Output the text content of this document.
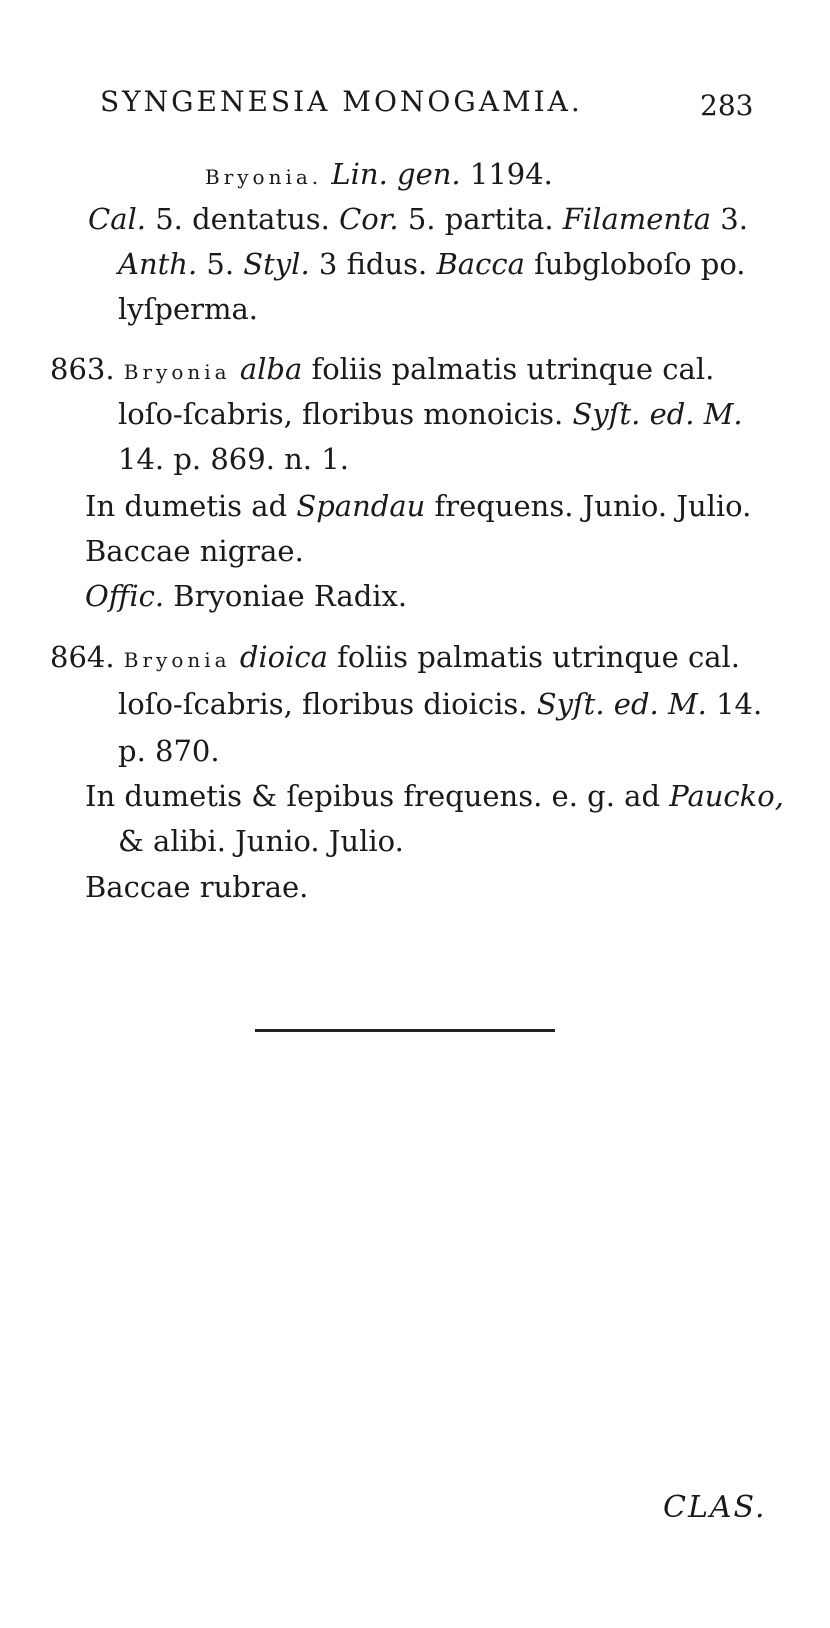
SYNGENESIA MONOGAMIA.	283
Bryonia. Lin. gen. 1194.
Cal. 5. dentatus. Cor. 5. partita. Filamenta 3.
Anth. 5. Styl. 3 fidus. Bacca ſubgloboſo po.
lyſperma.
863. Bryonia alba foliis palmatis utrinque cal.
loſo-ſcabris, floribus monoicis. Syſt. ed. M.
14. p. 869. n. 1.
In dumetis ad Spandau frequens. Junio. Julio.
Baccae nigrae.
Offic. Bryoniae Radix.
864. Bryonia dioica foliis palmatis utrinque cal.
loſo-ſcabris, floribus dioicis. Syſt. ed. M. 14.
p. 870.
In dumetis & ſepibus frequens. e. g. ad Paucko,
& alibi. Junio. Julio.
Baccae rubrae.
CLAS.
